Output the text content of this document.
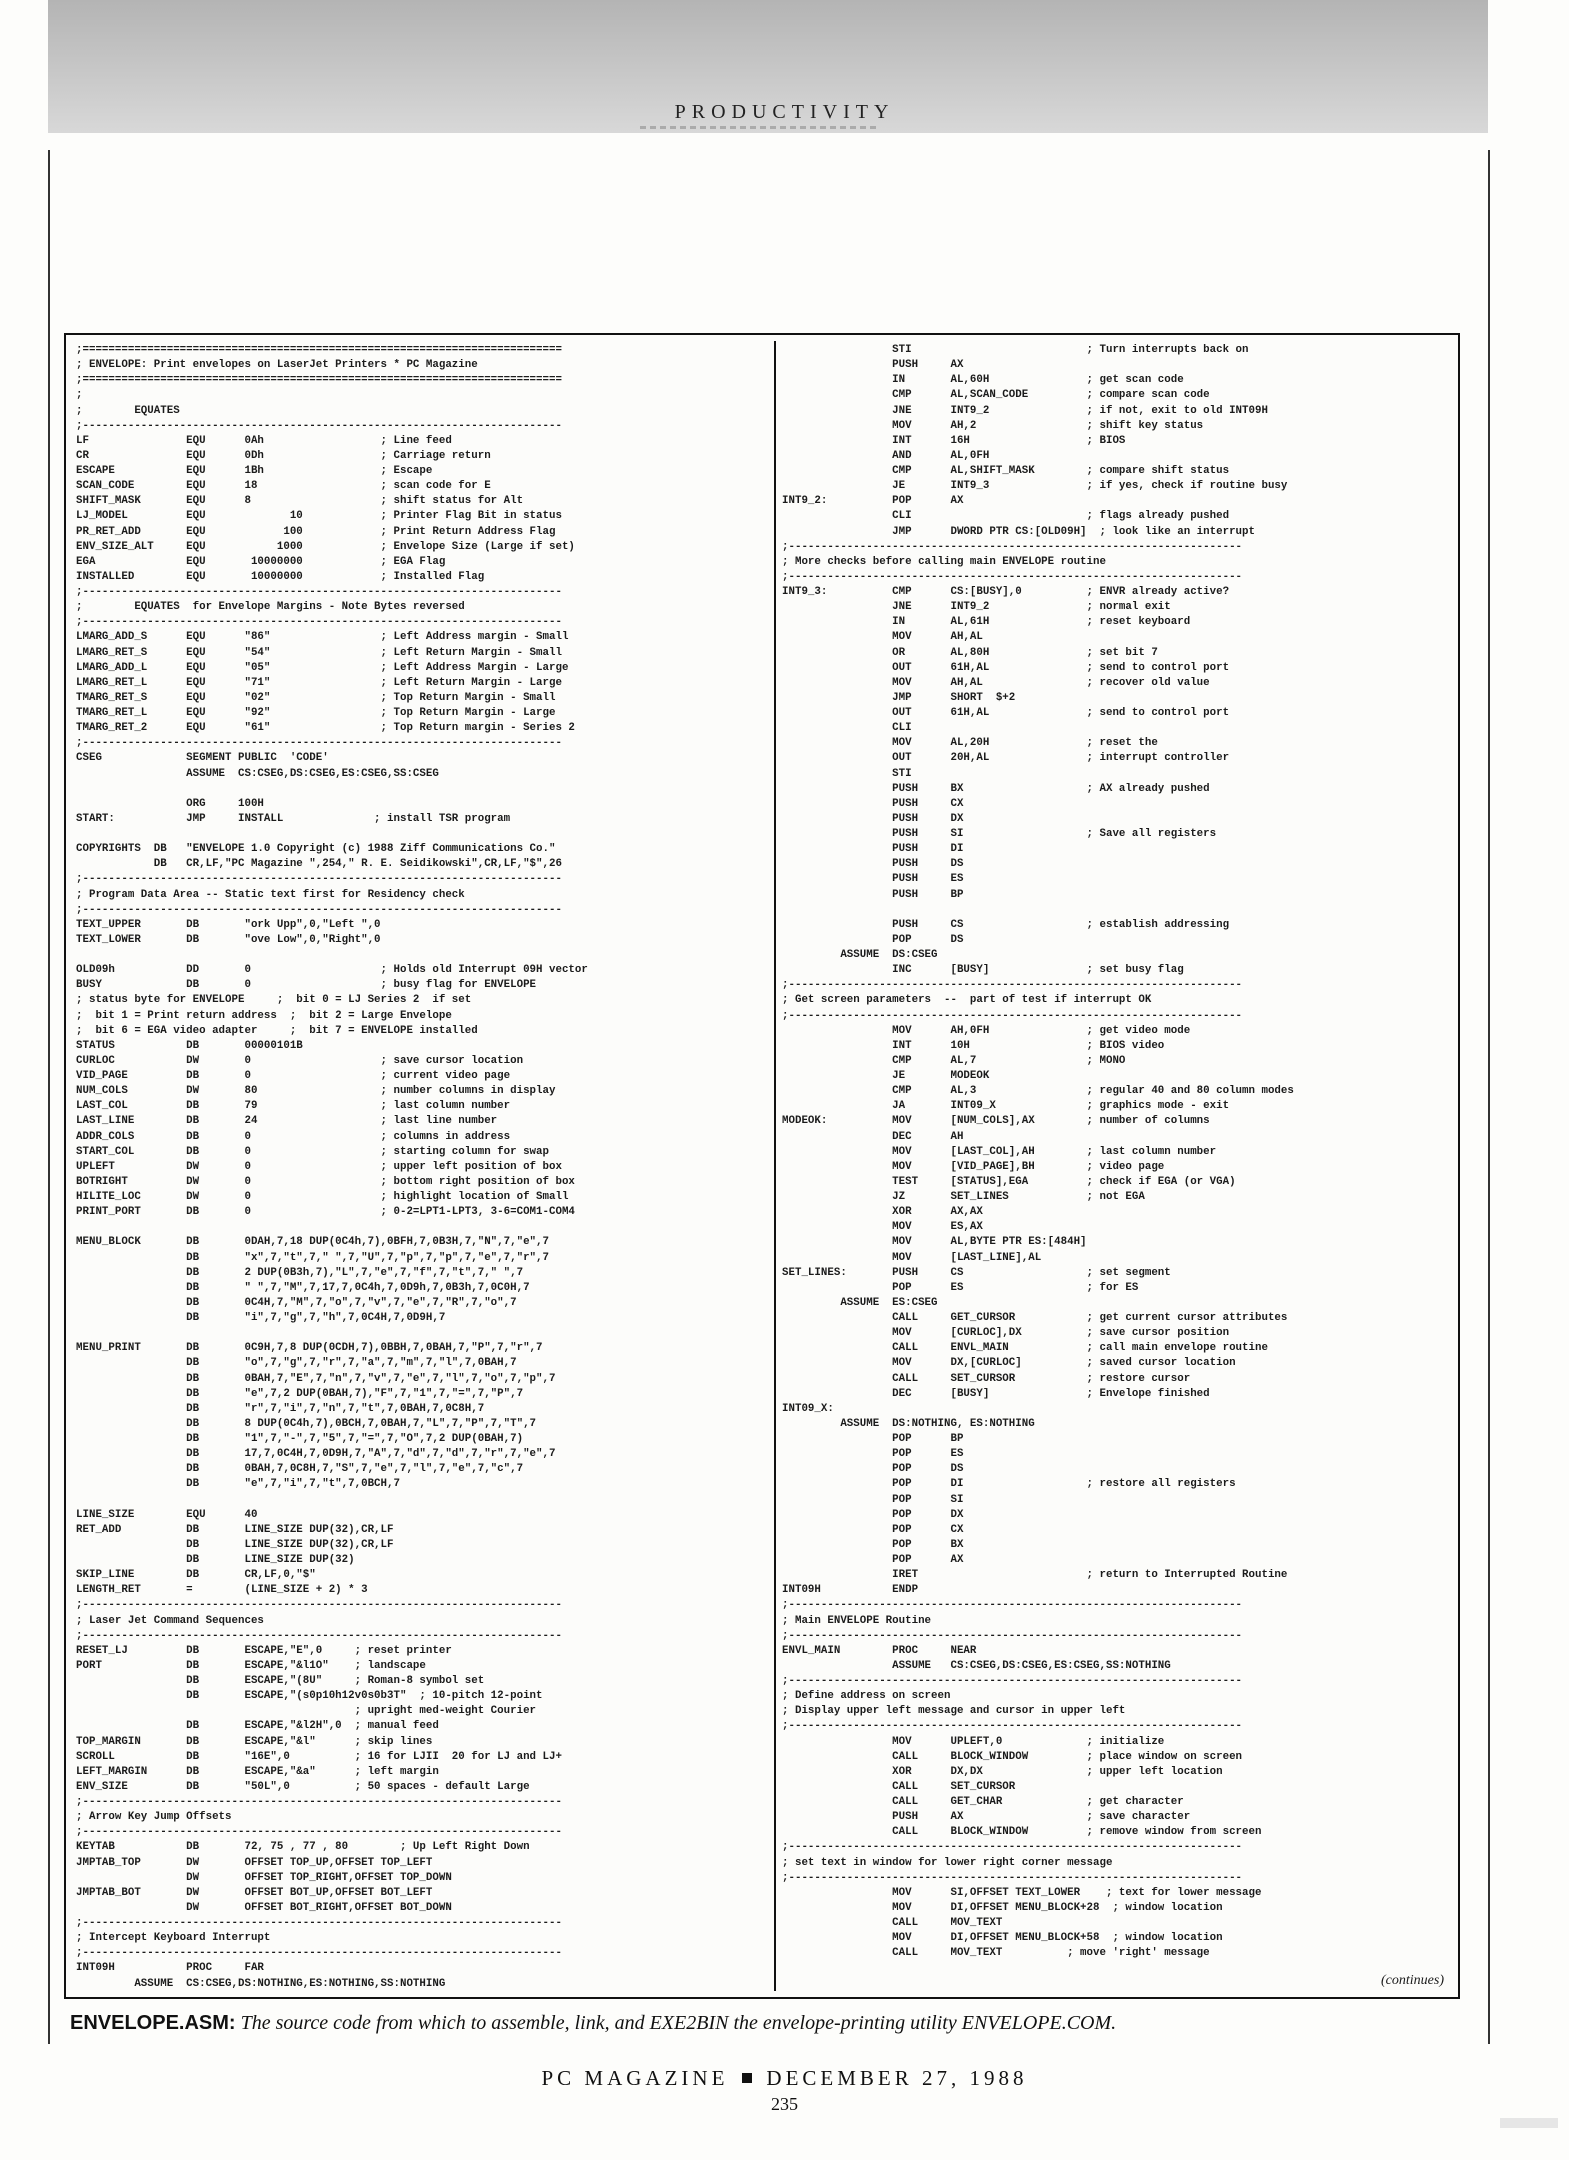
PRODUCTIVITY
;==========================================================================
; ENVELOPE: Print envelopes on LaserJet Printers * PC Magazine
;==========================================================================
;
;        EQUATES
;--------------------------------------------------------------------------
LF               EQU      0Ah                  ; Line feed
CR               EQU      0Dh                  ; Carriage return
ESCAPE           EQU      1Bh                  ; Escape
SCAN_CODE        EQU      18                   ; scan code for E
SHIFT_MASK       EQU      8                    ; shift status for Alt
LJ_MODEL         EQU             10            ; Printer Flag Bit in status
PR_RET_ADD       EQU            100            ; Print Return Address Flag
ENV_SIZE_ALT     EQU           1000            ; Envelope Size (Large if set)
EGA              EQU       10000000            ; EGA Flag
INSTALLED        EQU       10000000            ; Installed Flag
;--------------------------------------------------------------------------
;        EQUATES  for Envelope Margins - Note Bytes reversed
;--------------------------------------------------------------------------
LMARG_ADD_S      EQU      "86"                 ; Left Address margin - Small
LMARG_RET_S      EQU      "54"                 ; Left Return Margin - Small
LMARG_ADD_L      EQU      "05"                 ; Left Address Margin - Large
LMARG_RET_L      EQU      "71"                 ; Left Return Margin - Large
TMARG_RET_S      EQU      "02"                 ; Top Return Margin - Small
TMARG_RET_L      EQU      "92"                 ; Top Return Margin - Large
TMARG_RET_2      EQU      "61"                 ; Top Return margin - Series 2
;--------------------------------------------------------------------------
CSEG             SEGMENT PUBLIC  'CODE'
ASSUME  CS:CSEG,DS:CSEG,ES:CSEG,SS:CSEG

ORG     100H
START:           JMP     INSTALL              ; install TSR program

COPYRIGHTS  DB   "ENVELOPE 1.0 Copyright (c) 1988 Ziff Communications Co."
DB   CR,LF,"PC Magazine ",254," R. E. Seidikowski",CR,LF,"$",26
;--------------------------------------------------------------------------
; Program Data Area -- Static text first for Residency check
;--------------------------------------------------------------------------
TEXT_UPPER       DB       "ork Upp",0,"Left ",0
TEXT_LOWER       DB       "ove Low",0,"Right",0

OLD09h           DD       0                    ; Holds old Interrupt 09H vector
BUSY             DB       0                    ; busy flag for ENVELOPE
; status byte for ENVELOPE     ;  bit 0 = LJ Series 2  if set
;  bit 1 = Print return address  ;  bit 2 = Large Envelope
;  bit 6 = EGA video adapter     ;  bit 7 = ENVELOPE installed
STATUS           DB       00000101B
CURLOC           DW       0                    ; save cursor location
VID_PAGE         DB       0                    ; current video page
NUM_COLS         DW       80                   ; number columns in display
LAST_COL         DB       79                   ; last column number
LAST_LINE        DB       24                   ; last line number
ADDR_COLS        DB       0                    ; columns in address
START_COL        DB       0                    ; starting column for swap
UPLEFT           DW       0                    ; upper left position of box
BOTRIGHT         DW       0                    ; bottom right position of box
HILITE_LOC       DW       0                    ; highlight location of Small
PRINT_PORT       DB       0                    ; 0-2=LPT1-LPT3, 3-6=COM1-COM4

MENU_BLOCK       DB       0DAH,7,18 DUP(0C4h,7),0BFH,7,0B3H,7,"N",7,"e",7
DB       "x",7,"t",7," ",7,"U",7,"p",7,"p",7,"e",7,"r",7
DB       2 DUP(0B3h,7),"L",7,"e",7,"f",7,"t",7," ",7
DB       " ",7,"M",7,17,7,0C4h,7,0D9h,7,0B3h,7,0C0H,7
DB       0C4H,7,"M",7,"o",7,"v",7,"e",7,"R",7,"o",7
DB       "i",7,"g",7,"h",7,0C4H,7,0D9H,7

MENU_PRINT       DB       0C9H,7,8 DUP(0CDH,7),0BBH,7,0BAH,7,"P",7,"r",7
DB       "o",7,"g",7,"r",7,"a",7,"m",7,"l",7,0BAH,7
DB       0BAH,7,"E",7,"n",7,"v",7,"e",7,"l",7,"o",7,"p",7
DB       "e",7,2 DUP(0BAH,7),"F",7,"1",7,"=",7,"P",7
DB       "r",7,"i",7,"n",7,"t",7,0BAH,7,0C8H,7
DB       8 DUP(0C4h,7),0BCH,7,0BAH,7,"L",7,"P",7,"T",7
DB       "1",7,"-",7,"5",7,"=",7,"O",7,2 DUP(0BAH,7)
DB       17,7,0C4H,7,0D9H,7,"A",7,"d",7,"d",7,"r",7,"e",7
DB       0BAH,7,0C8H,7,"S",7,"e",7,"l",7,"e",7,"c",7
DB       "e",7,"i",7,"t",7,0BCH,7

LINE_SIZE        EQU      40
RET_ADD          DB       LINE_SIZE DUP(32),CR,LF
DB       LINE_SIZE DUP(32),CR,LF
DB       LINE_SIZE DUP(32)
SKIP_LINE        DB       CR,LF,0,"$"
LENGTH_RET       =        (LINE_SIZE + 2) * 3
;--------------------------------------------------------------------------
; Laser Jet Command Sequences
;--------------------------------------------------------------------------
RESET_LJ         DB       ESCAPE,"E",0     ; reset printer
PORT             DB       ESCAPE,"&l1O"    ; landscape
DB       ESCAPE,"(8U"     ; Roman-8 symbol set
DB       ESCAPE,"(s0p10h12v0s0b3T"  ; 10-pitch 12-point
; upright med-weight Courier
DB       ESCAPE,"&l2H",0  ; manual feed
TOP_MARGIN       DB       ESCAPE,"&l"      ; skip lines
SCROLL           DB       "16E",0          ; 16 for LJII  20 for LJ and LJ+
LEFT_MARGIN      DB       ESCAPE,"&a"      ; left margin
ENV_SIZE         DB       "50L",0          ; 50 spaces - default Large
;--------------------------------------------------------------------------
; Arrow Key Jump Offsets
;--------------------------------------------------------------------------
KEYTAB           DB       72, 75 , 77 , 80        ; Up Left Right Down
JMPTAB_TOP       DW       OFFSET TOP_UP,OFFSET TOP_LEFT
DW       OFFSET TOP_RIGHT,OFFSET TOP_DOWN
JMPTAB_BOT       DW       OFFSET BOT_UP,OFFSET BOT_LEFT
DW       OFFSET BOT_RIGHT,OFFSET BOT_DOWN
;--------------------------------------------------------------------------
; Intercept Keyboard Interrupt
;--------------------------------------------------------------------------
INT09H           PROC     FAR
ASSUME  CS:CSEG,DS:NOTHING,ES:NOTHING,SS:NOTHING
STI                           ; Turn interrupts back on
PUSH     AX
IN       AL,60H               ; get scan code
CMP      AL,SCAN_CODE         ; compare scan code
JNE      INT9_2               ; if not, exit to old INT09H
MOV      AH,2                 ; shift key status
INT      16H                  ; BIOS
AND      AL,0FH
CMP      AL,SHIFT_MASK        ; compare shift status
JE       INT9_3               ; if yes, check if routine busy
INT9_2:          POP      AX
CLI                           ; flags already pushed
JMP      DWORD PTR CS:[OLD09H]  ; look like an interrupt
;----------------------------------------------------------------------
; More checks before calling main ENVELOPE routine
;----------------------------------------------------------------------
INT9_3:          CMP      CS:[BUSY],0          ; ENVR already active?
JNE      INT9_2               ; normal exit
IN       AL,61H               ; reset keyboard
MOV      AH,AL
OR       AL,80H               ; set bit 7
OUT      61H,AL               ; send to control port
MOV      AH,AL                ; recover old value
JMP      SHORT  $+2
OUT      61H,AL               ; send to control port
CLI
MOV      AL,20H               ; reset the
OUT      20H,AL               ; interrupt controller
STI
PUSH     BX                   ; AX already pushed
PUSH     CX
PUSH     DX
PUSH     SI                   ; Save all registers
PUSH     DI
PUSH     DS
PUSH     ES
PUSH     BP

PUSH     CS                   ; establish addressing
POP      DS
ASSUME  DS:CSEG
INC      [BUSY]               ; set busy flag
;----------------------------------------------------------------------
; Get screen parameters  --  part of test if interrupt OK
;----------------------------------------------------------------------
MOV      AH,0FH               ; get video mode
INT      10H                  ; BIOS video
CMP      AL,7                 ; MONO
JE       MODEOK
CMP      AL,3                 ; regular 40 and 80 column modes
JA       INT09_X              ; graphics mode - exit
MODEOK:          MOV      [NUM_COLS],AX        ; number of columns
DEC      AH
MOV      [LAST_COL],AH        ; last column number
MOV      [VID_PAGE],BH        ; video page
TEST     [STATUS],EGA         ; check if EGA (or VGA)
JZ       SET_LINES            ; not EGA
XOR      AX,AX
MOV      ES,AX
MOV      AL,BYTE PTR ES:[484H]
MOV      [LAST_LINE],AL
SET_LINES:       PUSH     CS                   ; set segment
POP      ES                   ; for ES
ASSUME  ES:CSEG
CALL     GET_CURSOR           ; get current cursor attributes
MOV      [CURLOC],DX          ; save cursor position
CALL     ENVL_MAIN            ; call main envelope routine
MOV      DX,[CURLOC]          ; saved cursor location
CALL     SET_CURSOR           ; restore cursor
DEC      [BUSY]               ; Envelope finished
INT09_X:
ASSUME  DS:NOTHING, ES:NOTHING
POP      BP
POP      ES
POP      DS
POP      DI                   ; restore all registers
POP      SI
POP      DX
POP      CX
POP      BX
POP      AX
IRET                          ; return to Interrupted Routine
INT09H           ENDP
;----------------------------------------------------------------------
; Main ENVELOPE Routine
;----------------------------------------------------------------------
ENVL_MAIN        PROC     NEAR
ASSUME   CS:CSEG,DS:CSEG,ES:CSEG,SS:NOTHING
;----------------------------------------------------------------------
; Define address on screen
; Display upper left message and cursor in upper left
;----------------------------------------------------------------------
MOV      UPLEFT,0             ; initialize
CALL     BLOCK_WINDOW         ; place window on screen
XOR      DX,DX                ; upper left location
CALL     SET_CURSOR
CALL     GET_CHAR             ; get character
PUSH     AX                   ; save character
CALL     BLOCK_WINDOW         ; remove window from screen
;----------------------------------------------------------------------
; set text in window for lower right corner message
;----------------------------------------------------------------------
MOV      SI,OFFSET TEXT_LOWER    ; text for lower message
MOV      DI,OFFSET MENU_BLOCK+28  ; window location
CALL     MOV_TEXT
MOV      DI,OFFSET MENU_BLOCK+58  ; window location
CALL     MOV_TEXT          ; move 'right' message
(continues)
ENVELOPE.ASM: The source code from which to assemble, link, and EXE2BIN the envelope-printing utility ENVELOPE.COM.
PC MAGAZINE DECEMBER 27, 1988
235
